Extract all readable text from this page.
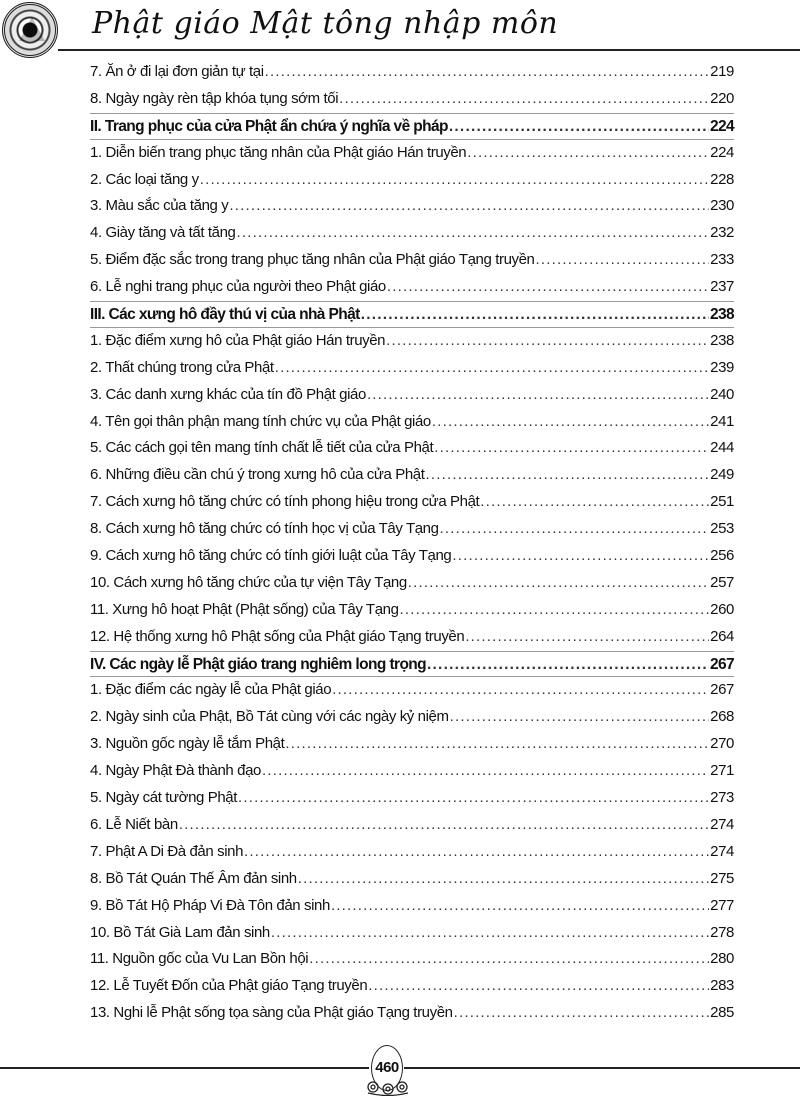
Phật giáo Mật tông nhập môn
7. Ăn ở đi lại đơn giản tự tại .....	219
8. Ngày ngày rèn tập khóa tụng sớm tối .....	220
II. Trang phục của cửa Phật ẩn chứa ý nghĩa về pháp .....	224
1. Diễn biến trang phục tăng nhân của Phật giáo Hán truyền .....	224
2. Các loại tăng y .....	228
3. Màu sắc của tăng y .....	230
4. Giày tăng và tất tăng .....	232
5. Điểm đặc sắc trong trang phục tăng nhân của Phật giáo Tạng truyền .....	233
6. Lễ nghi trang phục của người theo Phật giáo .....	237
III. Các xưng hô đầy thú vị của nhà Phật .....	238
1. Đặc điểm xưng hô của Phật giáo Hán truyền .....	238
2. Thất chúng trong cửa Phật .....	239
3. Các danh xưng khác của tín đồ Phật giáo .....	240
4. Tên gọi thân phận mang tính chức vụ của Phật giáo .....	241
5. Các cách gọi tên mang tính chất lễ tiết của cửa Phật .....	244
6. Những điều cần chú ý trong xưng hô của cửa Phật .....	249
7. Cách xưng hô tăng chức có tính phong hiệu trong cửa Phật .....	251
8. Cách xưng hô tăng chức có tính học vị của Tây Tạng .....	253
9. Cách xưng hô tăng chức có tính giới luật của Tây Tạng .....	256
10. Cách xưng hô tăng chức của tự viện Tây Tạng .....	257
11. Xưng hô hoạt Phật (Phật sống) của Tây Tạng .....	260
12. Hệ thống xưng hô Phật sống của Phật giáo Tạng truyền .....	264
IV. Các ngày lễ Phật giáo trang nghiêm long trọng .....	267
1. Đặc điểm các ngày lễ của Phật giáo .....	267
2. Ngày sinh của Phật, Bồ Tát cùng với các ngày kỷ niệm .....	268
3. Nguồn gốc ngày lễ tắm Phật .....	270
4. Ngày Phật Đà thành đạo .....	271
5. Ngày cát tường Phật .....	273
6. Lễ Niết bàn .....	274
7. Phật A Di Đà đản sinh .....	274
8. Bồ Tát Quán Thế Âm đản sinh .....	275
9. Bồ Tát Hộ Pháp Vi Đà Tôn đản sinh .....	277
10. Bồ Tát Già Lam đản sinh .....	278
11. Nguồn gốc của Vu Lan Bồn hội .....	280
12. Lễ Tuyết Đốn của Phật giáo Tạng truyền .....	283
13. Nghi lễ Phật sống tọa sàng của Phật giáo Tạng truyền .....	285
460
